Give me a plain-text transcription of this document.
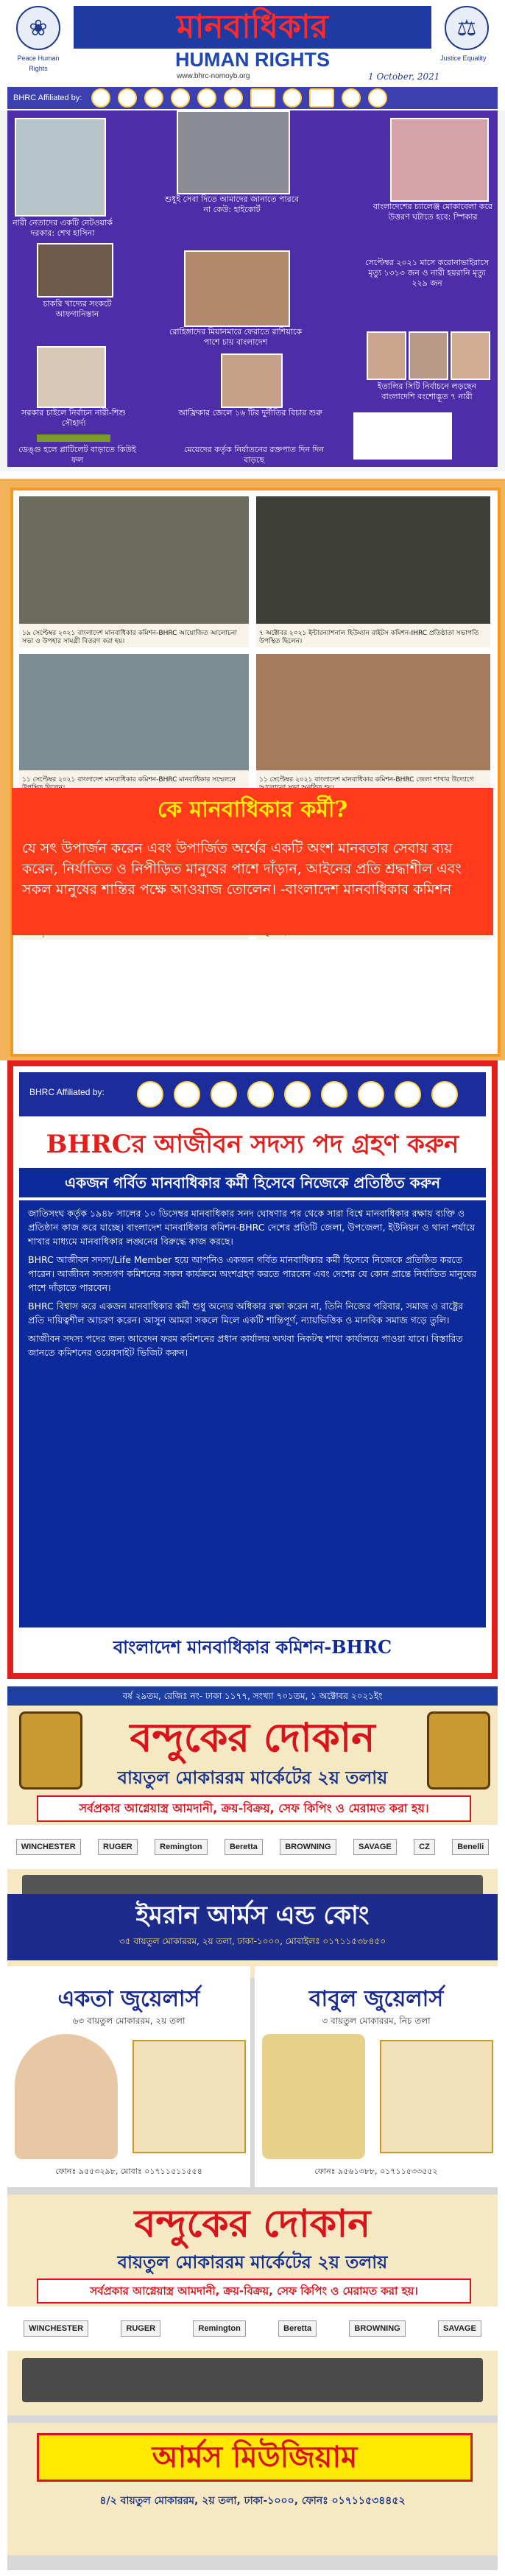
❀
Peace Human Rights
মানবাধিকার
HUMAN RIGHTS
www.bhrc-nomoyb.org	1 October, 2021
⚖
Justice Equality
BHRC Affiliated by:
নারী নেতাদের একটি নেটওয়ার্ক দরকার: শেখ হাসিনা
শুধুই সেবা দিতে আমাদের জানাতে পারবে না কেউ: হাইকোর্ট	বাংলাদেশের চ্যালেঞ্জ মোকাবেলা করে উত্তরণ ঘটাতে হবে: স্পিকার
চাকরি খাদ্যের সংকটে আফগানিস্তান
রোহিঙ্গাদের মিয়ানমারে ফেরাতে রাশিয়াকে পাশে চায় বাংলাদেশ
সেপ্টেম্বর ২০২১ মাসে করোনাভাইরাসে মৃত্যু ১৩১৩ জন ও নারী হয়রানি মৃত্যু ২২৯ জন
সরকার চাইলে নির্বাচন নারী-শিশু সৌহার্দ্য
আফ্রিকার জেলে ১৬ টির দুর্নীতির বিচার শুরু
ইতালির সিটি নির্বাচনে লড়ছেন বাংলাদেশি বংশোদ্ভূত ৭ নারী
ডেঙ্গু হলে প্লাটিলেট বাড়াতে কিউই ফল
মেয়েদের কর্তৃক নির্যাতনের রক্তপাত দিন দিন বাড়ছে
১৯ সেপ্টেম্বর ২০২১ বাংলাদেশ মানবাধিকার কমিশন-BHRC আয়োজিত আলোচনা সভা ও উপহার সামগ্রী বিতরণ করা হয়।
৭ অক্টোবর ২০২১ ইন্টারন্যাশনাল হিউম্যান রাইটস কমিশন-IHRC প্রতিষ্ঠাতা সভাপতি উপস্থিত ছিলেন।
১১ সেপ্টেম্বর ২০২১ বাংলাদেশ মানবাধিকার কমিশন-BHRC মানবাধিকার সম্মেলনে	১১ সেপ্টেম্বর ২০২১ বাংলাদেশ মানবাধিকার কমিশন-BHRC জেলা শাখার উদ্যোগে
কে মানবাধিকার কর্মী?
যে সৎ উপার্জন করেন এবং উপার্জিত অর্থের একটি অংশ মানবতার সেবায় ব্যয় করেন, নির্যাতিত ও নিপীড়িত মানুষের পাশে দাঁড়ান, আইনের প্রতি শ্রদ্ধাশীল এবং সকল মানুষের শান্তির পক্ষে আওয়াজ তোলেন। -বাংলাদেশ মানবাধিকার কমিশন
BHRC Affiliated by:
BHRCর আজীবন সদস্য পদ গ্রহণ করুন
একজন গর্বিত মানবাধিকার কর্মী হিসেবে নিজেকে প্রতিষ্ঠিত করুন

জাতিসংঘ কর্তৃক ১৯৪৮ সালের ১০ ডিসেম্বর মানবাধিকার সনদ ঘোষণার পর থেকে সারা বিশ্বে মানবাধিকার রক্ষায় ব্যক্তি ও প্রতিষ্ঠান কাজ করে যাচ্ছে। বাংলাদেশ মানবাধিকার কমিশন-BHRC দেশের প্রতিটি জেলা, উপজেলা, ইউনিয়ন ও থানা পর্যায়ে শাখার মাধ্যমে মানবাধিকার লঙ্ঘনের বিরুদ্ধে কাজ করছে।

BHRC আজীবন সদস্য/Life Member হয়ে আপনিও একজন গর্বিত মানবাধিকার কর্মী হিসেবে নিজেকে প্রতিষ্ঠিত করতে পারেন। আজীবন সদস্যগণ কমিশনের সকল কার্যক্রমে অংশগ্রহণ করতে পারবেন এবং দেশের যে কোন প্রান্তে নির্যাতিত মানুষের পাশে দাঁড়াতে পারবেন।

BHRC বিশ্বাস করে একজন মানবাধিকার কর্মী শুধু অন্যের অধিকার রক্ষা করেন না, তিনি নিজের পরিবার, সমাজ ও রাষ্ট্রের প্রতি দায়িত্বশীল আচরণ করেন। আসুন আমরা সকলে মিলে একটি শান্তিপূর্ণ, ন্যায়ভিত্তিক ও মানবিক সমাজ গড়ে তুলি।

আজীবন সদস্য পদের জন্য আবেদন ফরম কমিশনের প্রধান কার্যালয় অথবা নিকটস্থ শাখা কার্যালয়ে পাওয়া যাবে। বিস্তারিত জানতে কমিশনের ওয়েবসাইট ভিজিট করুন।

বাংলাদেশ মানবাধিকার কমিশন-BHRC
বর্ষ ২৯তম, রেজিঃ নং- ঢাকা ১১৭৭, সংখ্যা ৭০১তম, ১ অক্টোবর ২০২১ইং
বন্দুকের দোকান
বায়তুল মোকাররম মার্কেটের ২য় তলায়
সর্বপ্রকার আগ্নেয়াস্ত্র আমদানী, ক্রয়-বিক্রয়, সেফ কিপিং ও মেরামত করা হয়।
WINCHESTER	RUGER	Remington	Beretta	BROWNING	SAVAGE	CZ	Benelli
ইমরান আর্মস এন্ড কোং
৩৫ বায়তুল মোকাররম, ২য় তলা, ঢাকা-১০০০, মোবাইলঃ ০১৭১১৫৩৮৪৫০
একতা জুয়েলার্স
৬৩ বায়তুল মোকাররম, ২য় তলা
ফোনঃ ৯৫৫৩২৯৮, মোবাঃ ০১৭১১৫১১৫৫৪
বাবুল জুয়েলার্স
৩ বায়তুল মোকাররম, নিচ তলা
ফোনঃ ৯৫৬১৩৮৮, ০১৭১১৫৩৩৫৫২
বন্দুকের দোকান
বায়তুল মোকাররম মার্কেটের ২য় তলায়
সর্বপ্রকার আগ্নেয়াস্ত্র আমদানী, ক্রয়-বিক্রয়, সেফ কিপিং ও মেরামত করা হয়।
WINCHESTER	RUGER	Remington	Beretta	BROWNING	SAVAGE
আর্মস মিউজিয়াম
৪/২ বায়তুল মোকাররম, ২য় তলা, ঢাকা-১০০০, ফোনঃ ০১৭১১৫৩৪৪৫২
